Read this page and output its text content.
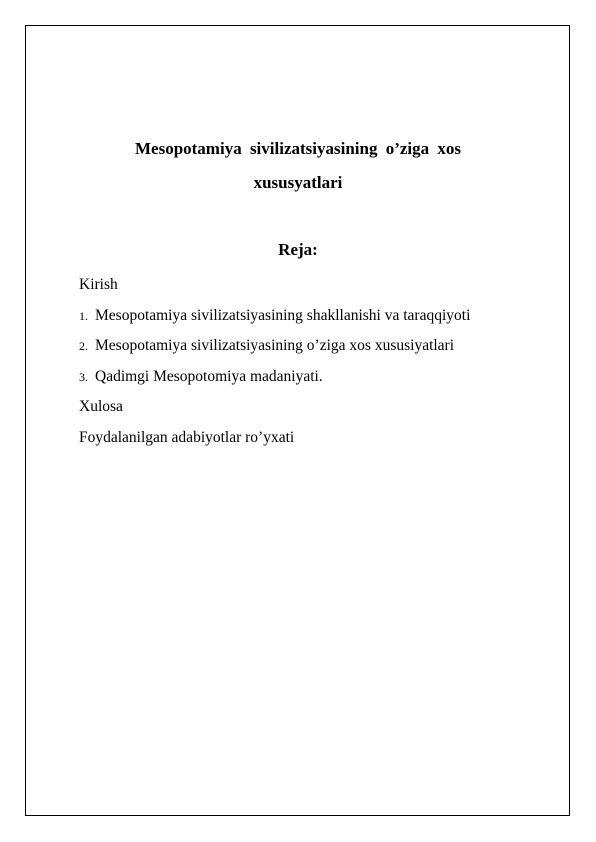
Mesopotamiya sivilizatsiyasining o’ziga xos
xususyatlari
Reja:
Kirish
1. Mesopotamiya sivilizatsiyasining shakllanishi va taraqqiyoti
2. Mesopotamiya sivilizatsiyasining o’ziga xos xususiyatlari
3. Qadimgi Mesopotomiya madaniyati.
Xulosa
Foydalanilgan adabiyotlar ro’yxati
